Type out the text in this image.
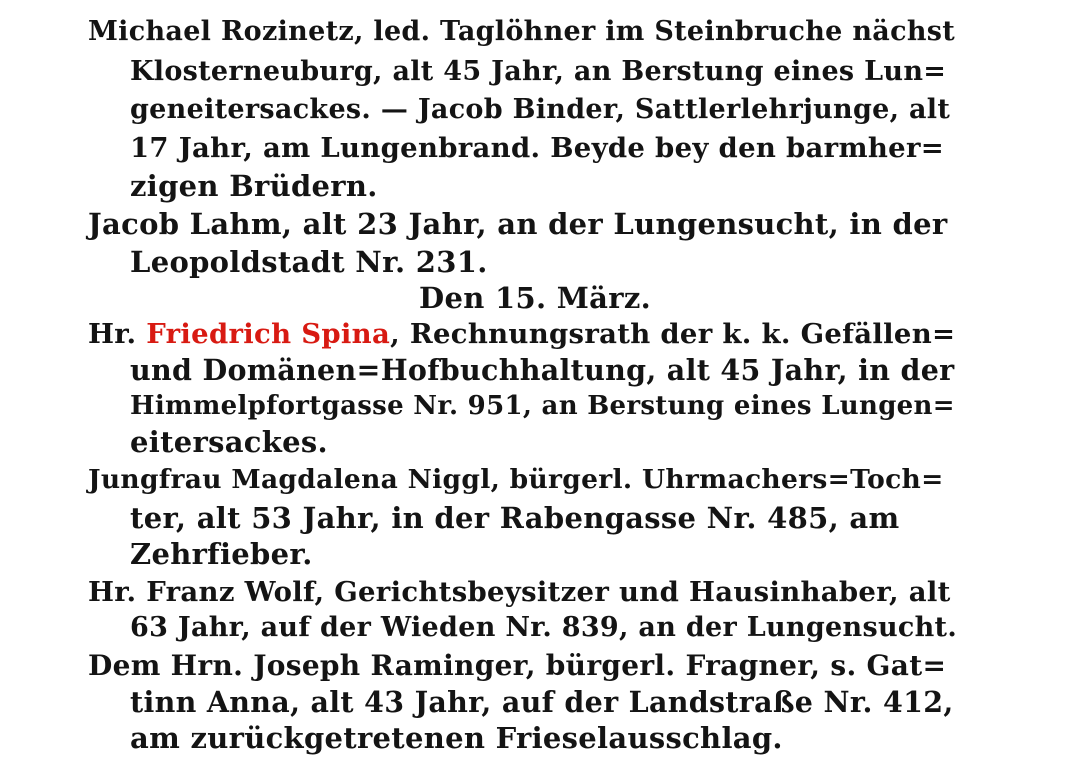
Michael Rozinetz, led. Taglöhner im Steinbruche nächst
Klosterneuburg, alt 45 Jahr, an Berstung eines Lun=
geneitersackes. — Jacob Binder, Sattlerlehrjunge, alt
17 Jahr, am Lungenbrand. Beyde bey den barmher=
zigen Brüdern.
Jacob Lahm, alt 23 Jahr, an der Lungensucht, in der
Leopoldstadt Nr. 231.
Den 15. März.
Hr. Friedrich Spina, Rechnungsrath der k. k. Gefällen=
und Domänen=Hofbuchhaltung, alt 45 Jahr, in der
Himmelpfortgasse Nr. 951, an Berstung eines Lungen=
eitersackes.
Jungfrau Magdalena Niggl, bürgerl. Uhrmachers=Toch=
ter, alt 53 Jahr, in der Rabengasse Nr. 485, am
Zehrfieber.
Hr. Franz Wolf, Gerichtsbeysitzer und Hausinhaber, alt
63 Jahr, auf der Wieden Nr. 839, an der Lungensucht.
Dem Hrn. Joseph Raminger, bürgerl. Fragner, s. Gat=
tinn Anna, alt 43 Jahr, auf der Landstraße Nr. 412,
am zurückgetretenen Frieselausschlag.
